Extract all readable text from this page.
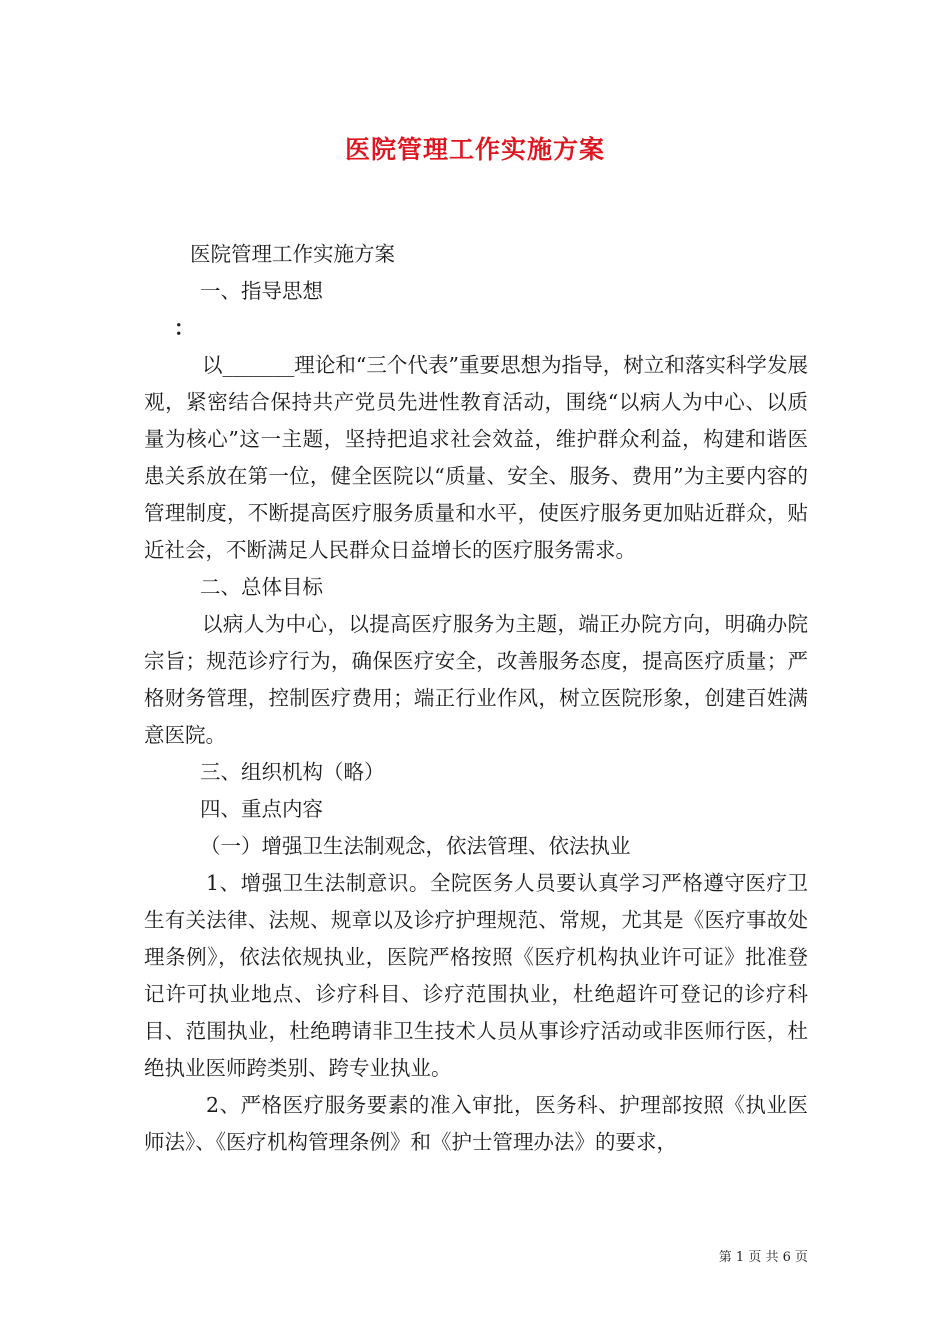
医院管理工作实施方案

医院管理工作实施方案

一、指导思想

：

以_______理论和“三个代表”重要思想为指导，树立和落实科学发展观，紧密结合保持共产党员先进性教育活动，围绕“以病人为中心、以质量为核心”这一主题，坚持把追求社会效益，维护群众利益，构建和谐医患关系放在第一位，健全医院以“质量、安全、服务、费用”为主要内容的管理制度，不断提高医疗服务质量和水平，使医疗服务更加贴近群众，贴近社会，不断满足人民群众日益增长的医疗服务需求。

二、总体目标

以病人为中心，以提高医疗服务为主题，端正办院方向，明确办院宗旨；规范诊疗行为，确保医疗安全，改善服务态度，提高医疗质量；严格财务管理，控制医疗费用；端正行业作风，树立医院形象，创建百姓满意医院。

三、组织机构（略）

四、重点内容

（一）增强卫生法制观念，依法管理、依法执业

1、增强卫生法制意识。全院医务人员要认真学习严格遵守医疗卫生有关法律、法规、规章以及诊疗护理规范、常规，尤其是《医疗事故处理条例》，依法依规执业，医院严格按照《医疗机构执业许可证》批准登记许可执业地点、诊疗科目、诊疗范围执业，杜绝超许可登记的诊疗科目、范围执业，杜绝聘请非卫生技术人员从事诊疗活动或非医师行医，杜绝执业医师跨类别、跨专业执业。

2、严格医疗服务要素的准入审批，医务科、护理部按照《执业医师法》、《医疗机构管理条例》和《护士管理办法》的要求，

第 1 页 共 6 页
